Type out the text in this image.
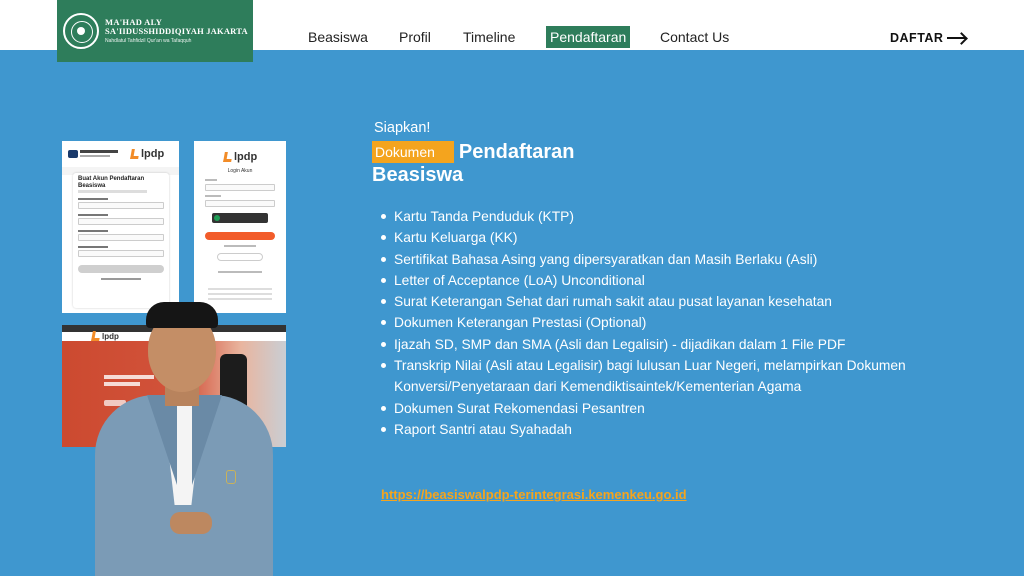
MA'HAD ALY
SA'IIDUSSHIDDIQIYAH JAKARTA
Nahdlatul Tahfidzil Qur'an wa Tafaqquh	Beasiswa Profil Timeline Pendaftaran Contact Us	DAFTAR
lpdp
Buat Akun Pendaftaran Beasiswa
lpdp
Login Akun
lpdp
Siapkan!
Dokumen	Pendaftaran
Beasiswa
Kartu Tanda Penduduk (KTP)
Kartu Keluarga (KK)
Sertifikat Bahasa Asing yang dipersyaratkan dan Masih Berlaku (Asli)
Letter of Acceptance (LoA) Unconditional
Surat Keterangan Sehat dari rumah sakit atau pusat layanan kesehatan
Dokumen Keterangan Prestasi (Optional)
Ijazah SD, SMP dan SMA (Asli dan Legalisir) - dijadikan dalam 1 File PDF
Transkrip Nilai (Asli atau Legalisir) bagi lulusan Luar Negeri, melampirkan Dokumen Konversi/Penyetaraan dari Kemendiktisaintek/Kementerian Agama
Dokumen Surat Rekomendasi Pesantren
Raport Santri atau Syahadah
https://beasiswalpdp-terintegrasi.kemenkeu.go.id
